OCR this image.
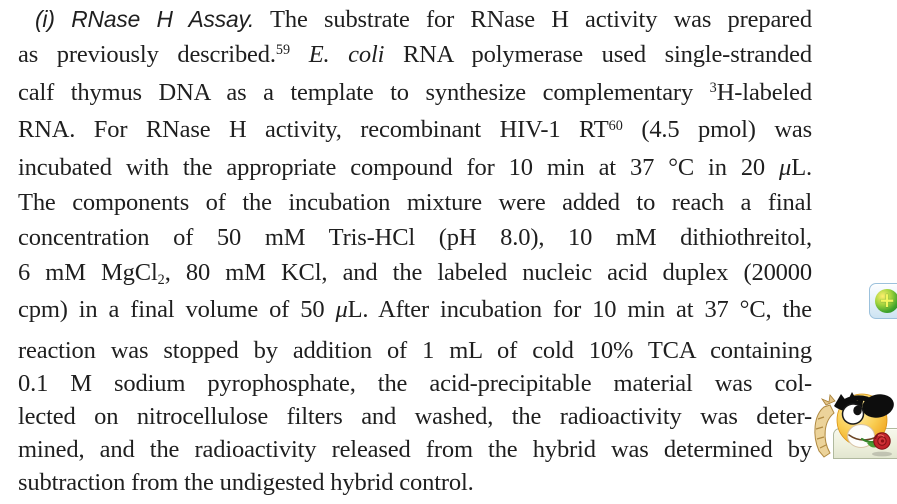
(i) RNase H Assay. The substrate for RNase H activity was prepared
as previously described.$^{59}$ E. coli RNA polymerase used single-stranded
calf thymus DNA as a template to synthesize complementary $^3$H-labeled
RNA. For RNase H activity, recombinant HIV-1 RT$^{60}$ (4.5 pmol) was
incubated with the appropriate compound for 10 min at 37 °C in 20 μL.
The components of the incubation mixture were added to reach a final
concentration of 50 mM Tris-HCl (pH 8.0), 10 mM dithiothreitol,
6 mM MgCl2, 80 mM KCl, and the labeled nucleic acid duplex (20000
cpm) in a final volume of 50 μL. After incubation for 10 min at 37 °C, the
reaction was stopped by addition of 1 mL of cold 10% TCA containing
0.1 M sodium pyrophosphate, the acid-precipitable material was col-
lected on nitrocellulose filters and washed, the radioactivity was deter-
mined, and the radioactivity released from the hybrid was determined by
subtraction from the undigested hybrid control.
+
